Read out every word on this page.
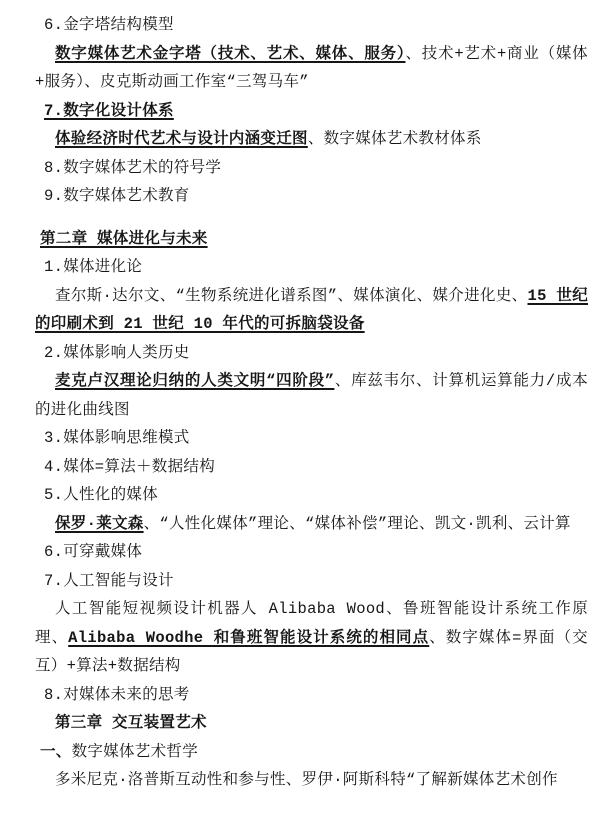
6.金字塔结构模型

数字媒体艺术金字塔（技术、艺术、媒体、服务）、技术+艺术+商业（媒体+服务）、皮克斯动画工作室“三驾马车”

7.数字化设计体系

体验经济时代艺术与设计内涵变迁图、数字媒体艺术教材体系

8.数字媒体艺术的符号学

9.数字媒体艺术教育

第二章 媒体进化与未来

1.媒体进化论

查尔斯·达尔文、“生物系统进化谱系图”、媒体演化、媒介进化史、15 世纪的印刷术到 21 世纪 10 年代的可拆脑袋设备

2.媒体影响人类历史

麦克卢汉理论归纳的人类文明“四阶段”、库兹韦尔、计算机运算能力/成本的进化曲线图

3.媒体影响思维模式

4.媒体=算法＋数据结构

5.人性化的媒体

保罗·莱文森、“人性化媒体”理论、“媒体补偿”理论、凯文·凯利、云计算

6.可穿戴媒体

7.人工智能与设计

人工智能短视频设计机器人 Alibaba Wood、鲁班智能设计系统工作原理、Alibaba Woodhe 和鲁班智能设计系统的相同点、数字媒体=界面（交互）+算法+数据结构

8.对媒体未来的思考

第三章 交互装置艺术

一、数字媒体艺术哲学

多米尼克·洛普斯互动性和参与性、罗伊·阿斯科特“了解新媒体艺术创作
